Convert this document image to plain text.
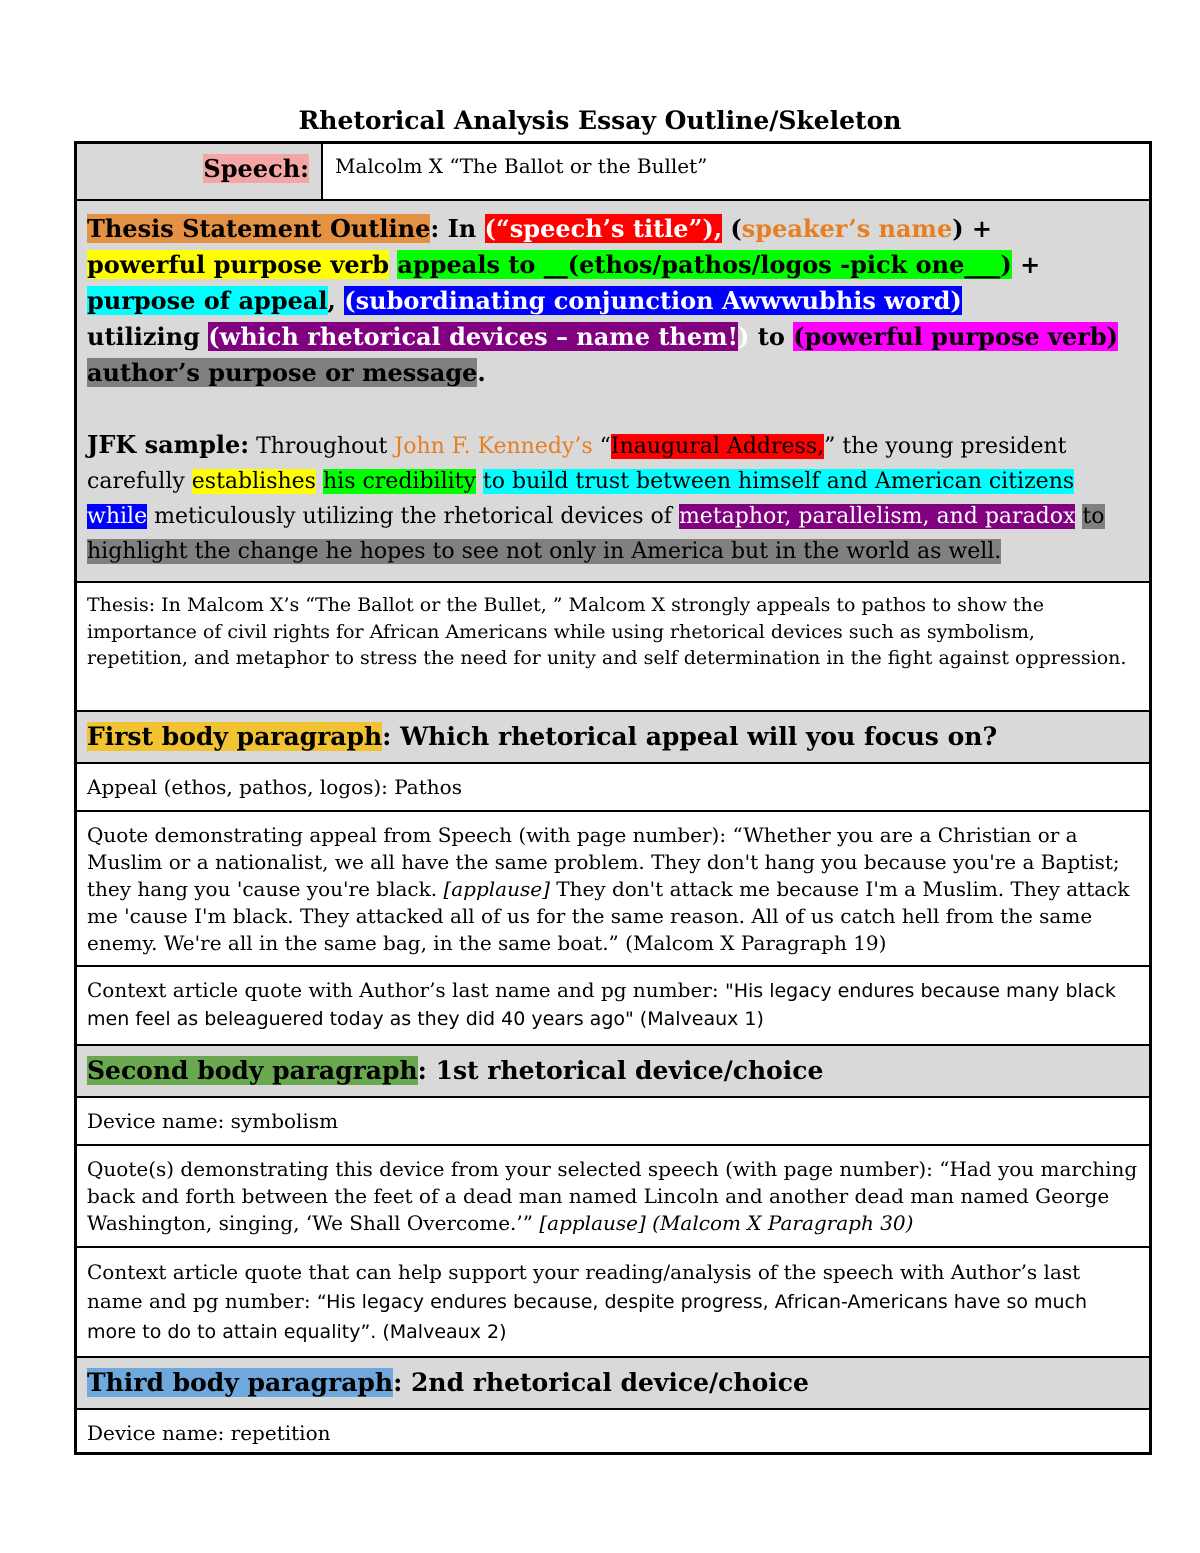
Rhetorical Analysis Essay Outline/Skeleton
Speech:	Malcolm X “The Ballot or the Bullet”
Thesis Statement Outline: In (“speech’s title”), (speaker’s name) +
powerful purpose verb appeals to __(ethos/pathos/logos -pick one___) +
purpose of appeal, (subordinating conjunction Awwwubhis word)
utilizing (which rhetorical devices – name them!) to (powerful purpose verb) author’s purpose or message.
JFK sample: Throughout John F. Kennedy’s “Inaugural Address,” the young president carefully establishes his credibility to build trust between himself and American citizens while meticulously utilizing the rhetorical devices of metaphor, parallelism, and paradox to highlight the change he hopes to see not only in America but in the world as well.
Thesis: In Malcom X’s “The Ballot or the Bullet, ” Malcom X strongly appeals to pathos to show the importance of civil rights for African Americans while using rhetorical devices such as symbolism, repetition, and metaphor to stress the need for unity and self determination in the fight against oppression.
First body paragraph: Which rhetorical appeal will you focus on?
Appeal (ethos, pathos, logos): Pathos
Quote demonstrating appeal from Speech (with page number): “Whether you are a Christian or a Muslim or a nationalist, we all have the same problem. They don't hang you because you're a Baptist; they hang you 'cause you're black. [applause] They don't attack me because I'm a Muslim. They attack me 'cause I'm black. They attacked all of us for the same reason. All of us catch hell from the same enemy. We're all in the same bag, in the same boat.” (Malcom X Paragraph 19)
Context article quote with Author’s last name and pg number: "His legacy endures because many black men feel as beleaguered today as they did 40 years ago" (Malveaux 1)
Second body paragraph: 1st rhetorical device/choice
Device name: symbolism
Quote(s) demonstrating this device from your selected speech (with page number): “Had you marching back and forth between the feet of a dead man named Lincoln and another dead man named George Washington, singing, ‘We Shall Overcome.’” [applause] (Malcom X Paragraph 30)
Context article quote that can help support your reading/analysis of the speech with Author’s last name and pg number: “His legacy endures because, despite progress, African-Americans have so much more to do to attain equality”. (Malveaux 2)
Third body paragraph: 2nd rhetorical device/choice
Device name: repetition
